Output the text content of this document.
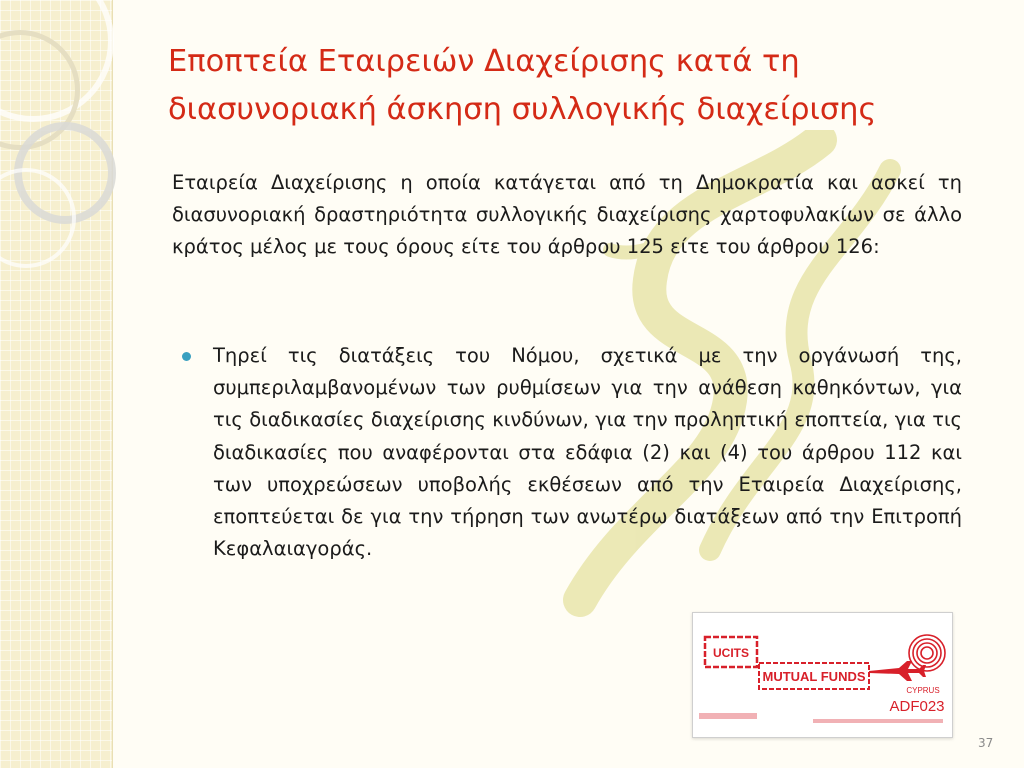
Εποπτεία Εταιρειών Διαχείρισης κατά τη
διασυνοριακή άσκηση συλλογικής διαχείρισης

Εταιρεία Διαχείρισης η οποία κατάγεται από τη Δημοκρατία και ασκεί τη διασυνοριακή δραστηριότητα συλλογικής διαχείρισης χαρτοφυλακίων σε άλλο κράτος μέλος με τους όρους είτε του άρθρου 125 είτε του άρθρου 126:

Τηρεί τις διατάξεις του Νόμου, σχετικά με την οργάνωσή της, συμπεριλαμβανομένων των ρυθμίσεων για την ανάθεση καθηκόντων, για τις διαδικασίες διαχείρισης κινδύνων, για την προληπτική εποπτεία, για τις διαδικασίες που αναφέρονται στα εδάφια (2) και (4) του άρθρου 112 και των υποχρεώσεων υποβολής εκθέσεων από την Εταιρεία Διαχείρισης, εποπτεύεται δε για την τήρηση των ανωτέρω διατάξεων από την Επιτροπή Κεφαλαιαγοράς.
UCITS
MUTUAL FUNDS
CYPRUS
ADF023
37
